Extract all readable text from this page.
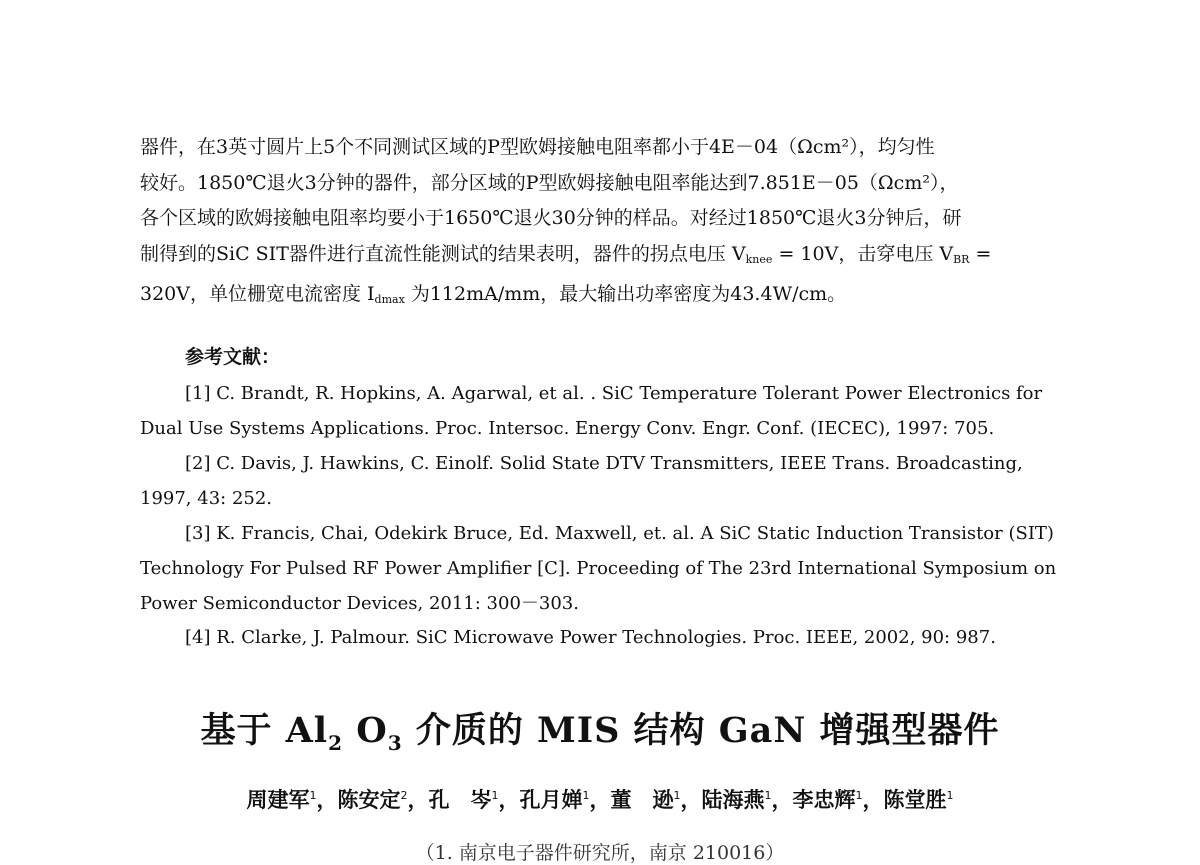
器件，在3英寸圆片上5个不同测试区域的P型欧姆接触电阻率都小于4E－04（Ωcm²），均匀性
较好。1850℃退火3分钟的器件，部分区域的P型欧姆接触电阻率能达到7.851E－05（Ωcm²），
各个区域的欧姆接触电阻率均要小于1650℃退火30分钟的样品。对经过1850℃退火3分钟后，研
制得到的SiC SIT器件进行直流性能测试的结果表明，器件的拐点电压 $V_{knee} = 10V$，击穿电压 $V_{BR}$ =
320V，单位栅宽电流密度 $I_{dmax}$ 为112mA/mm，最大输出功率密度为43.4W/cm。

参考文献：

[1] C. Brandt, R. Hopkins, A. Agarwal, et al. . SiC Temperature Tolerant Power Electronics for
Dual Use Systems Applications. Proc. Intersoc. Energy Conv. Engr. Conf. (IECEC), 1997: 705.

[2] C. Davis, J. Hawkins, C. Einolf. Solid State DTV Transmitters, IEEE Trans. Broadcasting,
1997, 43: 252.

[3] K. Francis, Chai, Odekirk Bruce, Ed. Maxwell, et. al. A SiC Static Induction Transistor (SIT)
Technology For Pulsed RF Power Amplifier [C]. Proceeding of The 23rd International Symposium on
Power Semiconductor Devices, 2011: 300－303.

[4] R. Clarke, J. Palmour. SiC Microwave Power Technologies. Proc. IEEE, 2002, 90: 987.

基于 $Al_2$ $O_3$ 介质的 MIS 结构 GaN 增强型器件

周建军$^1$，陈安定$^2$，孔　岑$^1$，孔月婵$^1$，董　逊$^1$，陆海燕$^1$，李忠辉$^1$，陈堂胜$^1$

（1. 南京电子器件研究所，南京 210016）
